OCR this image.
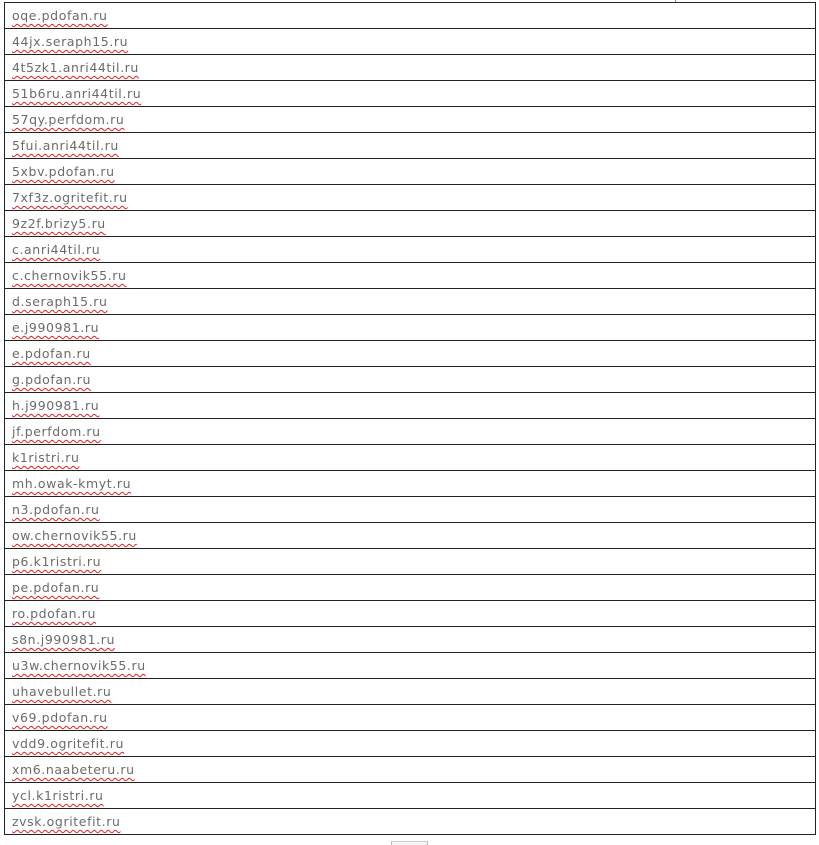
oqe.pdofan.ru
44jx.seraph15.ru
4t5zk1.anri44til.ru
51b6ru.anri44til.ru
57qy.perfdom.ru
5fui.anri44til.ru
5xbv.pdofan.ru
7xf3z.ogritefit.ru
9z2f.brizy5.ru
c.anri44til.ru
c.chernovik55.ru
d.seraph15.ru
e.j990981.ru
e.pdofan.ru
g.pdofan.ru
h.j990981.ru
jf.perfdom.ru
k1ristri.ru
mh.owak-kmyt.ru
n3.pdofan.ru
ow.chernovik55.ru
p6.k1ristri.ru
pe.pdofan.ru
ro.pdofan.ru
s8n.j990981.ru
u3w.chernovik55.ru
uhavebullet.ru
v69.pdofan.ru
vdd9.ogritefit.ru
xm6.naabeteru.ru
ycl.k1ristri.ru
zvsk.ogritefit.ru
